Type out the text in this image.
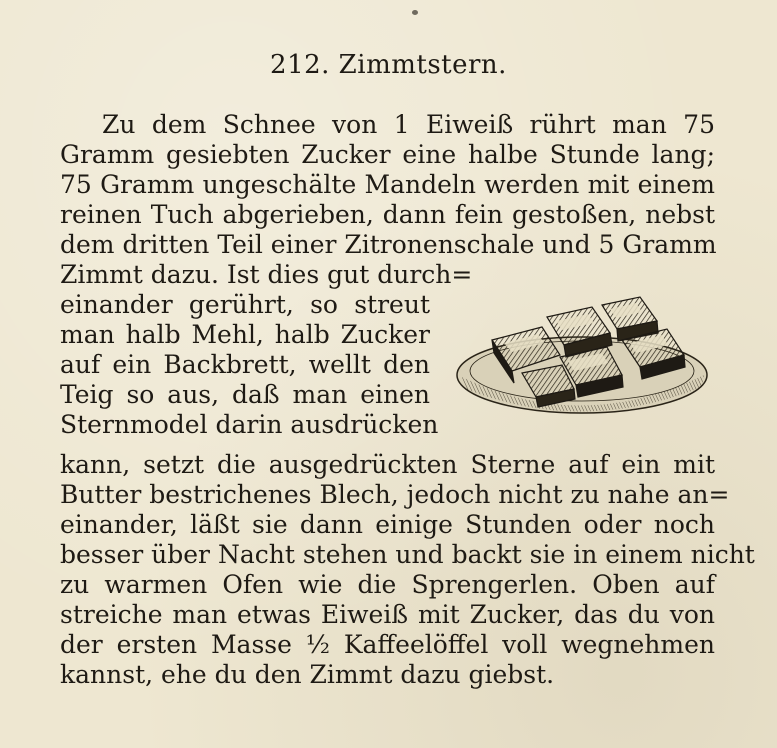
212. Zimmtstern.

Zu dem Schnee von 1 Eiweiß rührt man 75

Gramm gesiebten Zucker eine halbe Stunde lang;

75 Gramm ungeschälte Mandeln werden mit einem

reinen Tuch abgerieben, dann fein gestoßen, nebst

dem dritten Teil einer Zitronenschale und 5 Gramm

Zimmt dazu. Ist dies gut durch=

einander gerührt, so streut

man halb Mehl, halb Zucker

auf ein Backbrett, wellt den

Teig so aus, daß man einen

Sternmodel darin ausdrücken

kann, setzt die ausgedrückten Sterne auf ein mit

Butter bestrichenes Blech, jedoch nicht zu nahe an=

einander, läßt sie dann einige Stunden oder noch

besser über Nacht stehen und backt sie in einem nicht

zu warmen Ofen wie die Sprengerlen. Oben auf

streiche man etwas Eiweiß mit Zucker, das du von

der ersten Masse ½ Kaffeelöffel voll wegnehmen

kannst, ehe du den Zimmt dazu giebst.
